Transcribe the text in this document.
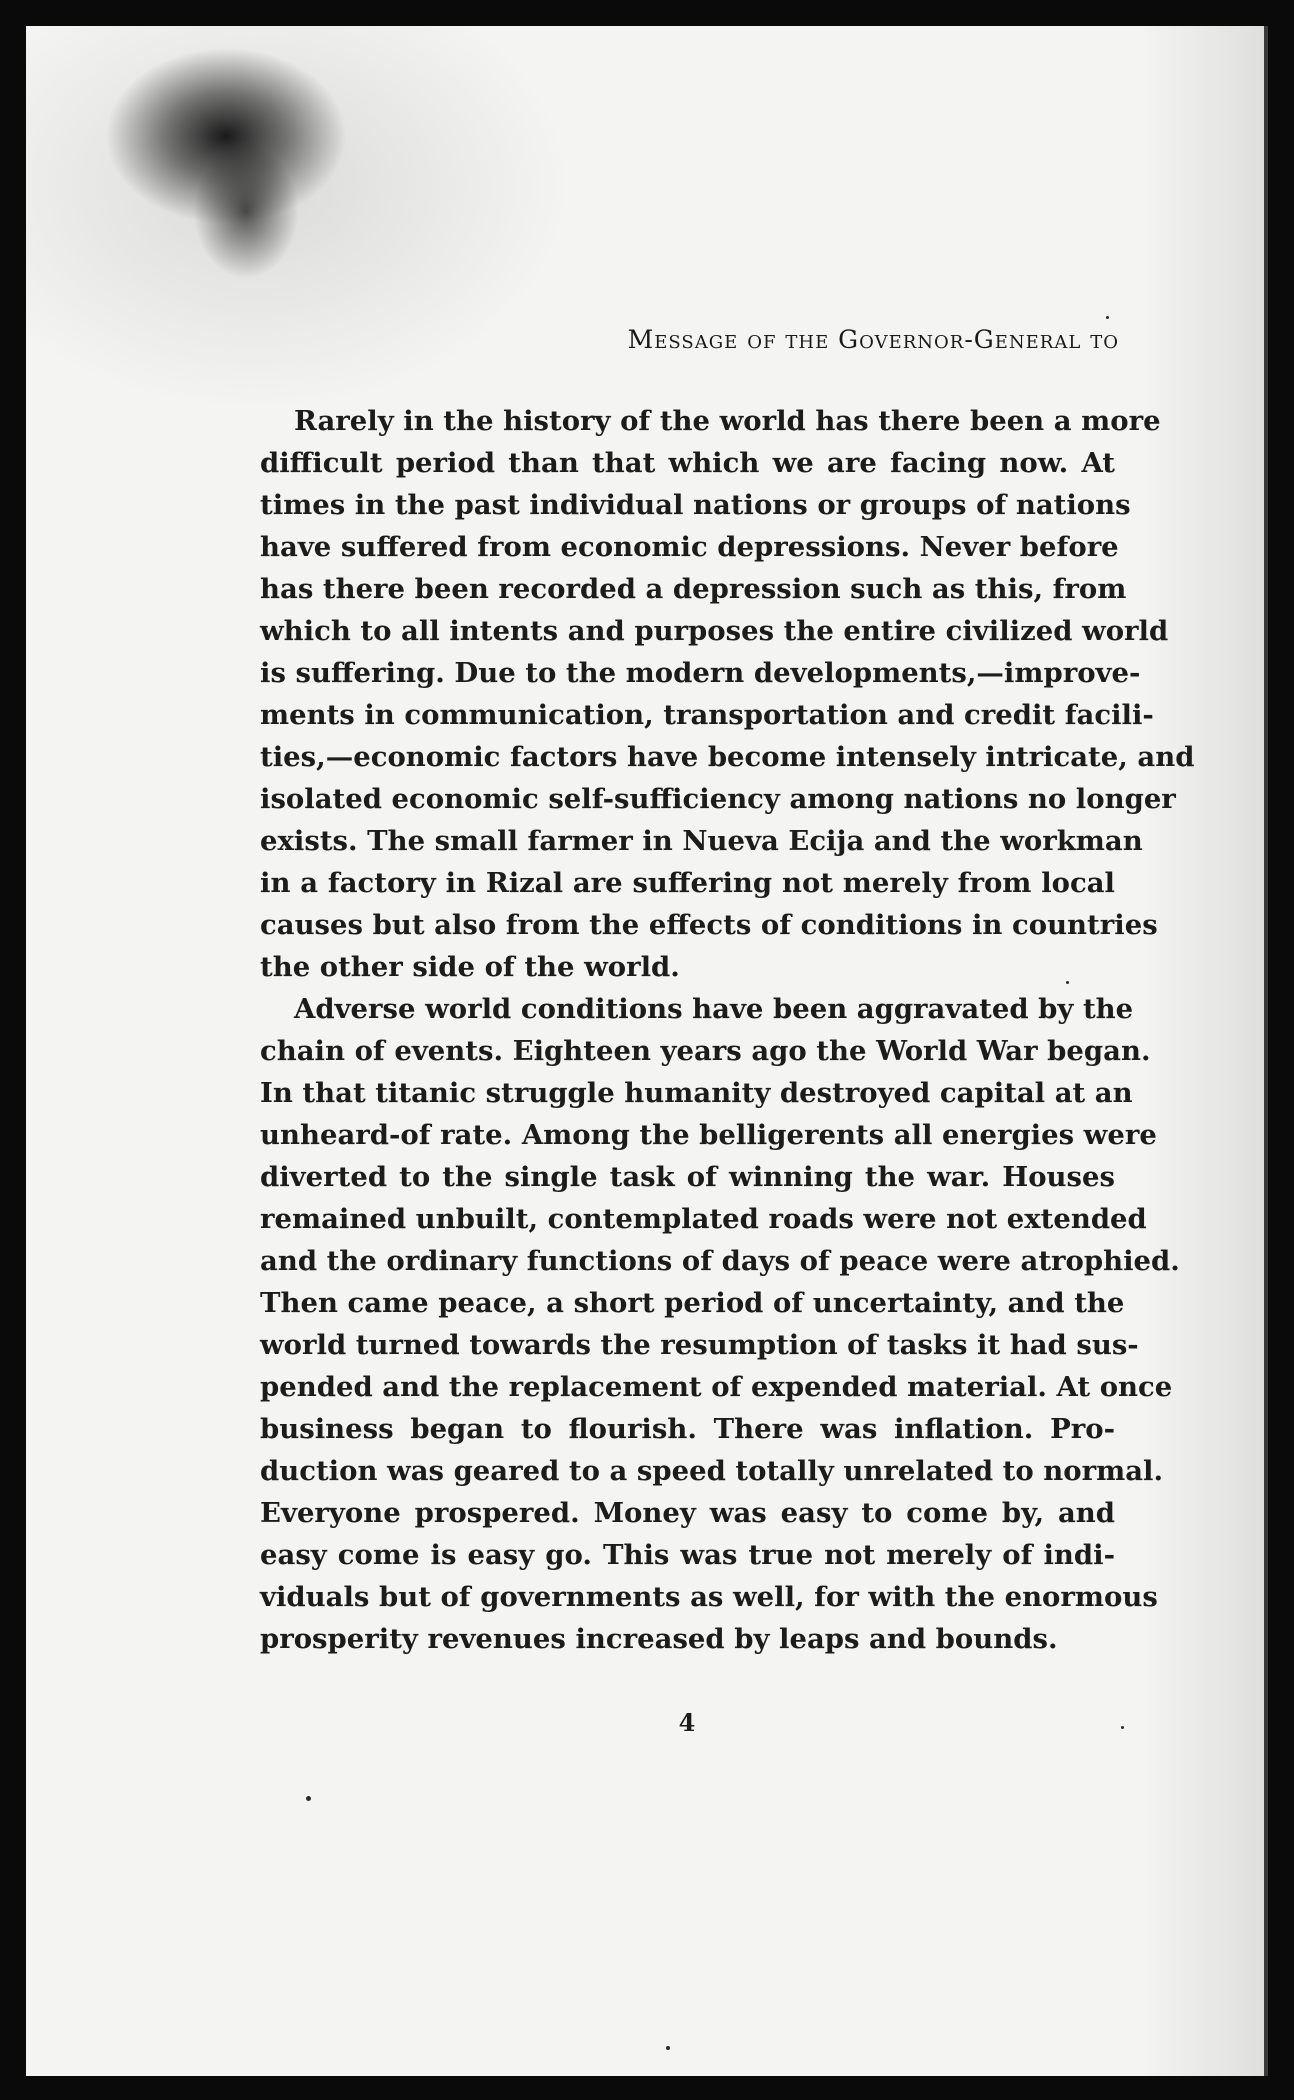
Message of the Governor-General to
Rarely in the history of the world has there been a more
difficult period than that which we are facing now. At
times in the past individual nations or groups of nations
have suffered from economic depressions. Never before
has there been recorded a depression such as this, from
which to all intents and purposes the entire civilized world
is suffering. Due to the modern developments,—improve-
ments in communication, transportation and credit facili-
ties,—economic factors have become intensely intricate, and
isolated economic self-sufficiency among nations no longer
exists. The small farmer in Nueva Ecija and the workman
in a factory in Rizal are suffering not merely from local
causes but also from the effects of conditions in countries
the other side of the world.
Adverse world conditions have been aggravated by the
chain of events. Eighteen years ago the World War began.
In that titanic struggle humanity destroyed capital at an
unheard-of rate. Among the belligerents all energies were
diverted to the single task of winning the war. Houses
remained unbuilt, contemplated roads were not extended
and the ordinary functions of days of peace were atrophied.
Then came peace, a short period of uncertainty, and the
world turned towards the resumption of tasks it had sus-
pended and the replacement of expended material. At once
business began to flourish. There was inflation. Pro-
duction was geared to a speed totally unrelated to normal.
Everyone prospered. Money was easy to come by, and
easy come is easy go. This was true not merely of indi-
viduals but of governments as well, for with the enormous
prosperity revenues increased by leaps and bounds.
4
